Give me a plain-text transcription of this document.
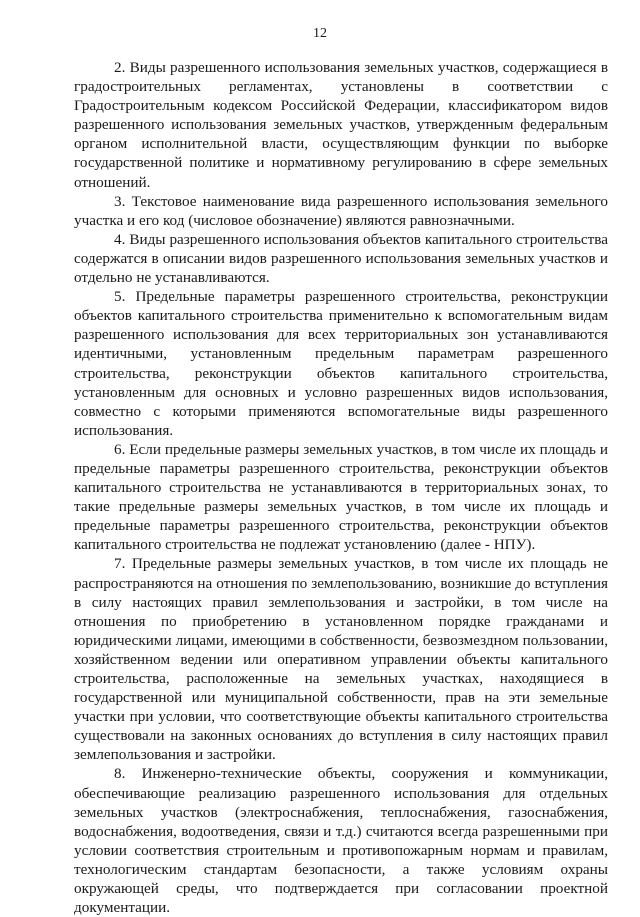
12

2. Виды разрешенного использования земельных участков, содержащиеся в градостроительных регламентах, установлены в соответствии с Градостроительным кодексом Российской Федерации, классификатором видов разрешенного использования земельных участков, утвержденным федеральным органом исполнительной власти, осуществляющим функции по выборке государственной политике и нормативному регулированию в сфере земельных отношений.

3. Текстовое наименование вида разрешенного использования земельного участка и его код (числовое обозначение) являются равнозначными.

4. Виды разрешенного использования объектов капитального строительства содержатся в описании видов разрешенного использования земельных участков и отдельно не устанавливаются.

5. Предельные параметры разрешенного строительства, реконструкции объектов капитального строительства применительно к вспомогательным видам разрешенного использования для всех территориальных зон устанавливаются идентичными, установленным предельным параметрам разрешенного строительства, реконструкции объектов капитального строительства, установленным для основных и условно разрешенных видов использования, совместно с которыми применяются вспомогательные виды разрешенного использования.

6. Если предельные размеры земельных участков, в том числе их площадь и предельные параметры разрешенного строительства, реконструкции объектов капитального строительства не устанавливаются в территориальных зонах, то такие предельные размеры земельных участков, в том числе их площадь и предельные параметры разрешенного строительства, реконструкции объектов капитального строительства не подлежат установлению (далее - НПУ).

7. Предельные размеры земельных участков, в том числе их площадь не распространяются на отношения по землепользованию, возникшие до вступления в силу настоящих правил землепользования и застройки, в том числе на отношения по приобретению в установленном порядке гражданами и юридическими лицами, имеющими в собственности, безвозмездном пользовании, хозяйственном ведении или оперативном управлении объекты капитального строительства, расположенные на земельных участках, находящиеся в государственной или муниципальной собственности, прав на эти земельные участки при условии, что соответствующие объекты капитального строительства существовали на законных основаниях до вступления в силу настоящих правил землепользования и застройки.

8. Инженерно-технические объекты, сооружения и коммуникации, обеспечивающие реализацию разрешенного использования для отдельных земельных участков (электроснабжения, теплоснабжения, газоснабжения, водоснабжения, водоотведения, связи и т.д.) считаются всегда разрешенными при условии соответствия строительным и противопожарным нормам и правилам, технологическим стандартам безопасности, а также условиям охраны окружающей среды, что подтверждается при согласовании проектной документации.
